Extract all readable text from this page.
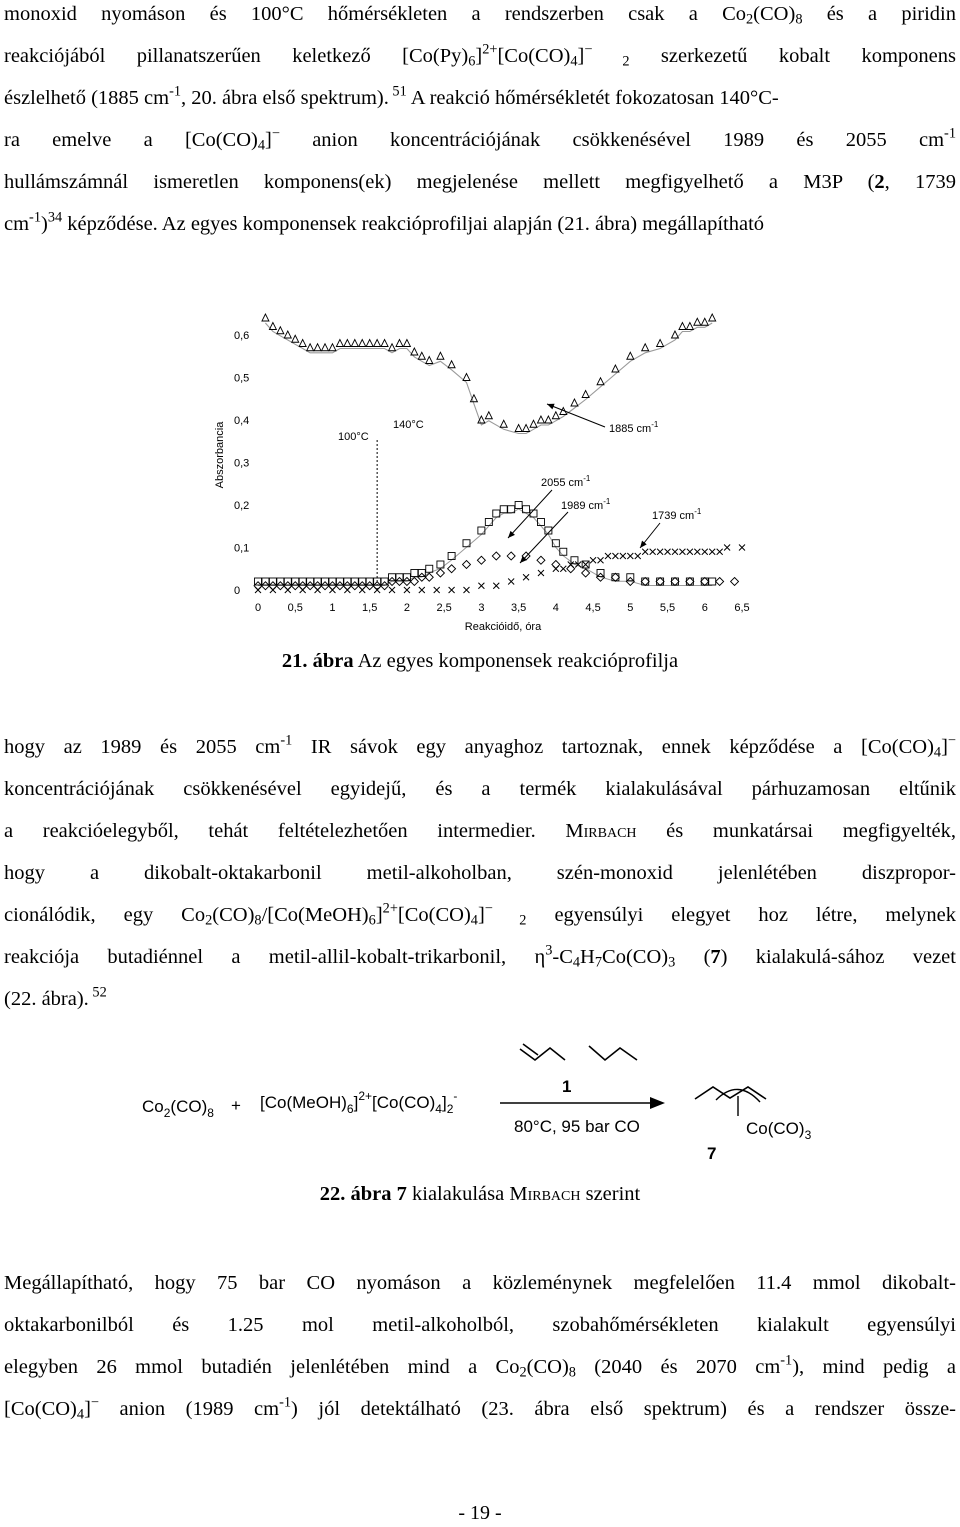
monoxid nyomáson és 100°C hőmérsékleten a rendszerben csak a $Co_2(CO)_8$ és a piridin
reakciójából pillanatszerűen keletkező $[Co(Py)_6]^{2+}[Co(CO)_4]^-$ $_2$ szerkezetű kobalt komponens
észlelhető (1885 $cm^{-1}$, 20. ábra első spektrum). $^{51}$ A reakció hőmérsékletét fokozatosan 140°C-
ra emelve a $[Co(CO)_4]^-$ anion koncentrációjának csökkenésével 1989 és 2055 $cm^{-1}$
hullámszámnál ismeretlen komponens(ek) megjelenése mellett megfigyelhető a M3P (2, 1739
$cm^{-1})^{34}$ képződése. Az egyes komponensek reakcióprofiljai alapján (21. ábra) megállapítható
0
0,1
0,2
0,3
0,4
0,5
0,6
0 0,5 1 1,5 2 2,5 3 3,5 4 4,5 5 5,5 6 6,5
Reakcióidő, óra
Abszorbancia	100°C
140°C	1885 $cm^{-1}$
2055 $cm^{-1}$
1989 $cm^{-1}$
1739 $cm^{-1}$
21. ábra Az egyes komponensek reakcióprofilja
hogy az 1989 és 2055 $cm^{-1}$ IR sávok egy anyaghoz tartoznak, ennek képződése a $[Co(CO)_4]^-$
koncentrációjának csökkenésével egyidejű, és a termék kialakulásával párhuzamosan eltűnik
a reakcióelegyből, tehát feltételezhetően intermedier. Mirbach és munkatársai megfigyelték,
hogy a dikobalt-oktakarbonil metil-alkoholban, szén-monoxid jelenlétében diszpropor-
cionálódik, egy $Co_2(CO)_8/[Co(MeOH)_6]^{2+}[Co(CO)_4]^-$ $_2$ egyensúlyi elegyet hoz létre, melynek
reakciója butadiénnel a metil-allil-kobalt-trikarbonil, $\eta^3-C_4H_7Co(CO)_3$ (7) kialakulá-sához vezet
(22. ábra). $^{52}$
$Co_2(CO)_8$ + $[Co(MeOH)_6]^{2+}[Co(CO)_4]_2^-$	1
80°C, 95 bar CO	$Co(CO)_3$
7
22. ábra 7 kialakulása Mirbach szerint
Megállapítható, hogy 75 bar CO nyomáson a közleménynek megfelelően 11.4 mmol dikobalt-
oktakarbonilból és 1.25 mol metil-alkoholból, szobahőmérsékleten kialakult egyensúlyi
elegyben 26 mmol butadién jelenlétében mind a $Co_2(CO)_8$ (2040 és 2070 $cm^{-1}$), mind pedig a
$[Co(CO)_4]^-$ anion (1989 $cm^{-1}$) jól detektálható (23. ábra első spektrum) és a rendszer össze-
- 19 -
